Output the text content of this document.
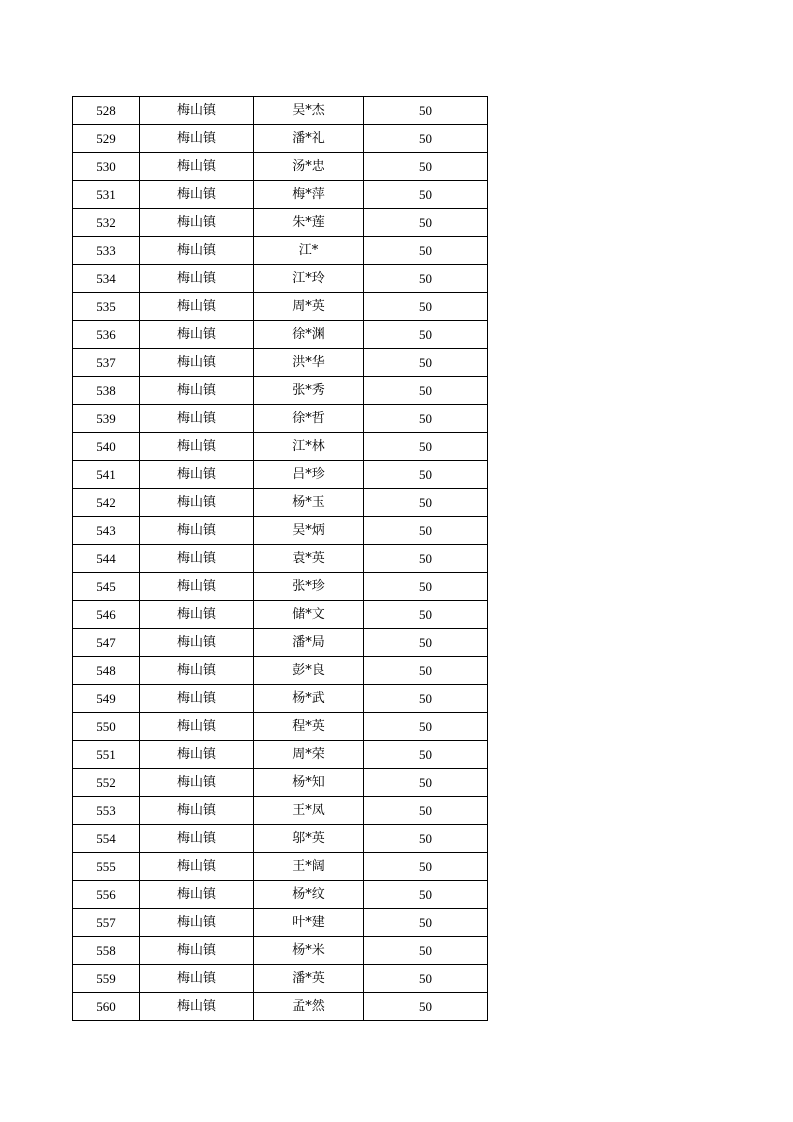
528	梅山镇	吴*杰	50
529	梅山镇	潘*礼	50
530	梅山镇	汤*忠	50
531	梅山镇	梅*萍	50
532	梅山镇	朱*莲	50
533	梅山镇	江*	50
534	梅山镇	江*玲	50
535	梅山镇	周*英	50
536	梅山镇	徐*渊	50
537	梅山镇	洪*华	50
538	梅山镇	张*秀	50
539	梅山镇	徐*哲	50
540	梅山镇	江*林	50
541	梅山镇	吕*珍	50
542	梅山镇	杨*玉	50
543	梅山镇	吴*炳	50
544	梅山镇	袁*英	50
545	梅山镇	张*珍	50
546	梅山镇	储*文	50
547	梅山镇	潘*局	50
548	梅山镇	彭*良	50
549	梅山镇	杨*武	50
550	梅山镇	程*英	50
551	梅山镇	周*荣	50
552	梅山镇	杨*知	50
553	梅山镇	王*凤	50
554	梅山镇	邬*英	50
555	梅山镇	王*阔	50
556	梅山镇	杨*纹	50
557	梅山镇	叶*建	50
558	梅山镇	杨*米	50
559	梅山镇	潘*英	50
560	梅山镇	孟*然	50
